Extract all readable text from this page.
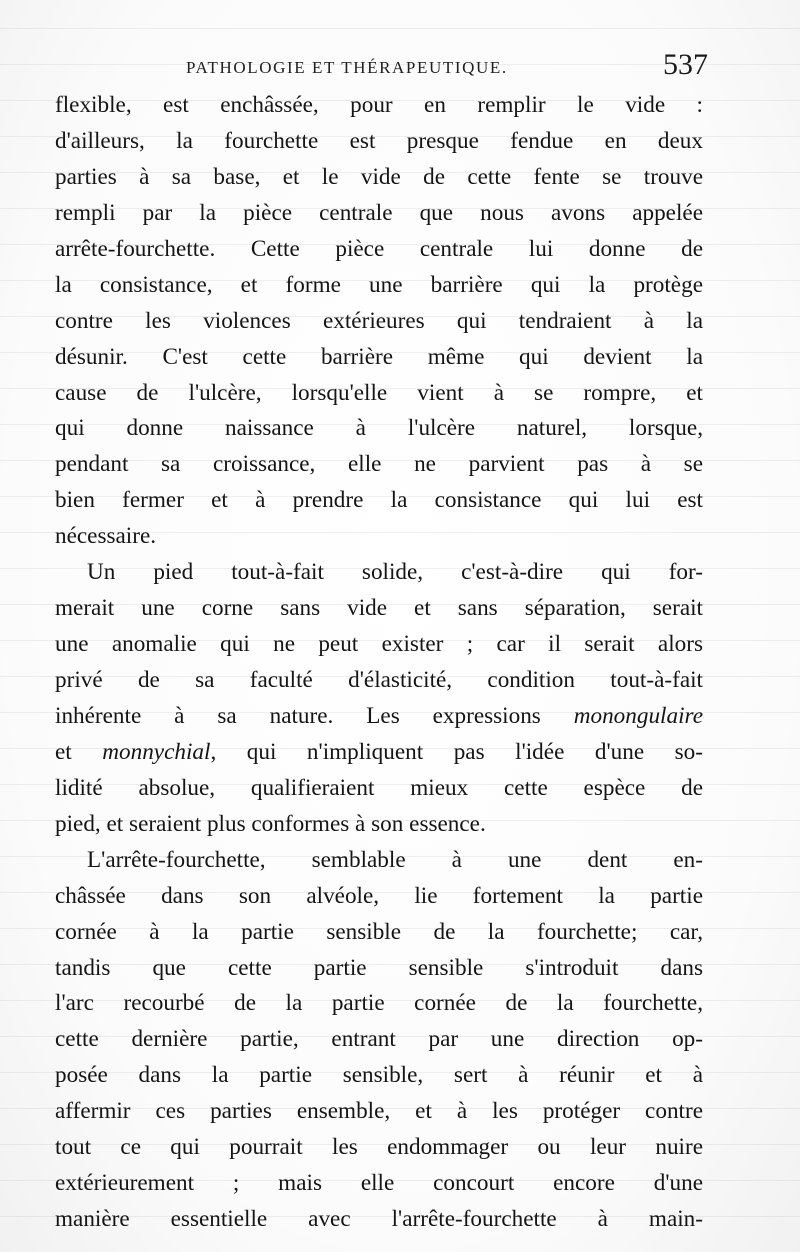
PATHOLOGIE ET THÉRAPEUTIQUE.	537
flexible, est enchâssée, pour en remplir le vide :
d'ailleurs, la fourchette est presque fendue en deux
parties à sa base, et le vide de cette fente se trouve
rempli par la pièce centrale que nous avons appelée
arrête-fourchette. Cette pièce centrale lui donne de
la consistance, et forme une barrière qui la protège
contre les violences extérieures qui tendraient à la
désunir. C'est cette barrière même qui devient la
cause de l'ulcère, lorsqu'elle vient à se rompre, et
qui donne naissance à l'ulcère naturel, lorsque,
pendant sa croissance, elle ne parvient pas à se
bien fermer et à prendre la consistance qui lui est
nécessaire.
Un pied tout-à-fait solide, c'est-à-dire qui for-
merait une corne sans vide et sans séparation, serait
une anomalie qui ne peut exister ; car il serait alors
privé de sa faculté d'élasticité, condition tout-à-fait
inhérente à sa nature. Les expressions monongulaire
et monnychial, qui n'impliquent pas l'idée d'une so-
lidité absolue, qualifieraient mieux cette espèce de
pied, et seraient plus conformes à son essence.
L'arrête-fourchette, semblable à une dent en-
châssée dans son alvéole, lie fortement la partie
cornée à la partie sensible de la fourchette; car,
tandis que cette partie sensible s'introduit dans
l'arc recourbé de la partie cornée de la fourchette,
cette dernière partie, entrant par une direction op-
posée dans la partie sensible, sert à réunir et à
affermir ces parties ensemble, et à les protéger contre
tout ce qui pourrait les endommager ou leur nuire
extérieurement ; mais elle concourt encore d'une
manière essentielle avec l'arrête-fourchette à main-
